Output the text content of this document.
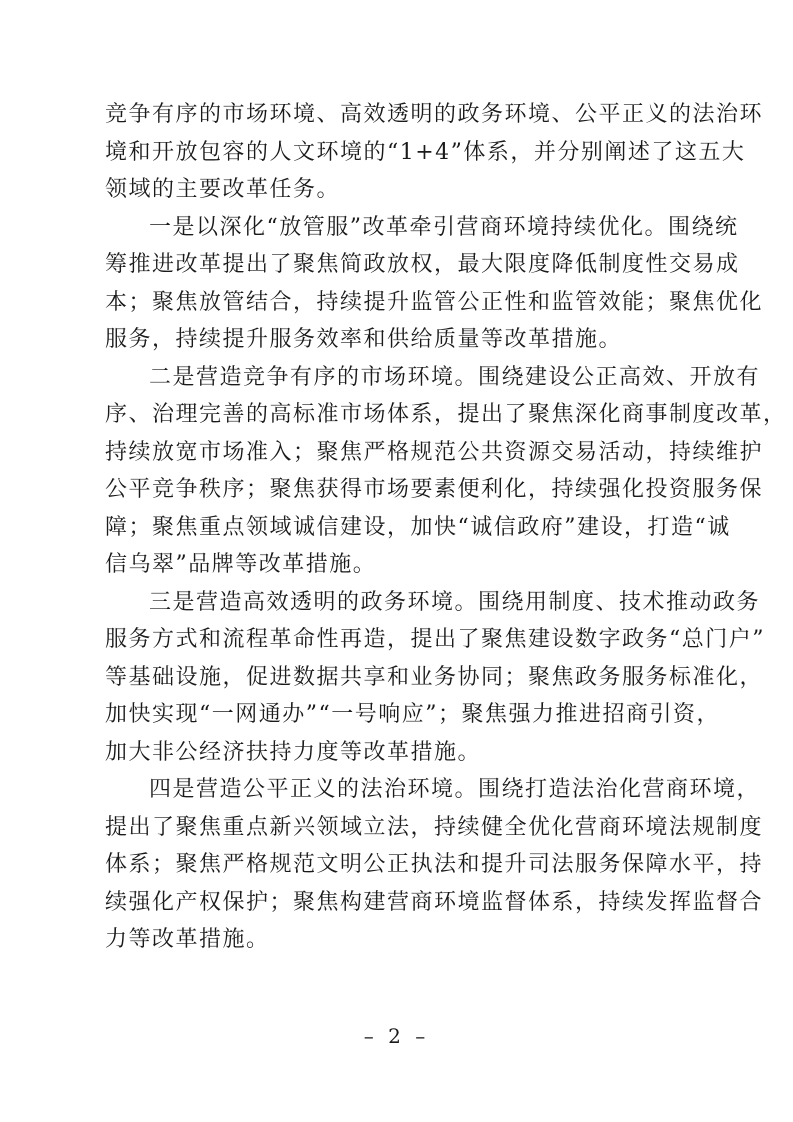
竞争有序的市场环境、高效透明的政务环境、公平正义的法治环
境和开放包容的人文环境的“1+4”体系，并分别阐述了这五大
领域的主要改革任务。
一是以深化“放管服”改革牵引营商环境持续优化。围绕统
筹推进改革提出了聚焦简政放权，最大限度降低制度性交易成
本；聚焦放管结合，持续提升监管公正性和监管效能；聚焦优化
服务，持续提升服务效率和供给质量等改革措施。
二是营造竞争有序的市场环境。围绕建设公正高效、开放有
序、治理完善的高标准市场体系，提出了聚焦深化商事制度改革，
持续放宽市场准入；聚焦严格规范公共资源交易活动，持续维护
公平竞争秩序；聚焦获得市场要素便利化，持续强化投资服务保
障；聚焦重点领域诚信建设，加快“诚信政府”建设，打造“诚
信乌翠”品牌等改革措施。
三是营造高效透明的政务环境。围绕用制度、技术推动政务
服务方式和流程革命性再造，提出了聚焦建设数字政务“总门户”
等基础设施，促进数据共享和业务协同；聚焦政务服务标准化，
加快实现“一网通办”“一号响应”；聚焦强力推进招商引资，
加大非公经济扶持力度等改革措施。
四是营造公平正义的法治环境。围绕打造法治化营商环境，
提出了聚焦重点新兴领域立法，持续健全优化营商环境法规制度
体系；聚焦严格规范文明公正执法和提升司法服务保障水平，持
续强化产权保护；聚焦构建营商环境监督体系，持续发挥监督合
力等改革措施。
– 2 –
